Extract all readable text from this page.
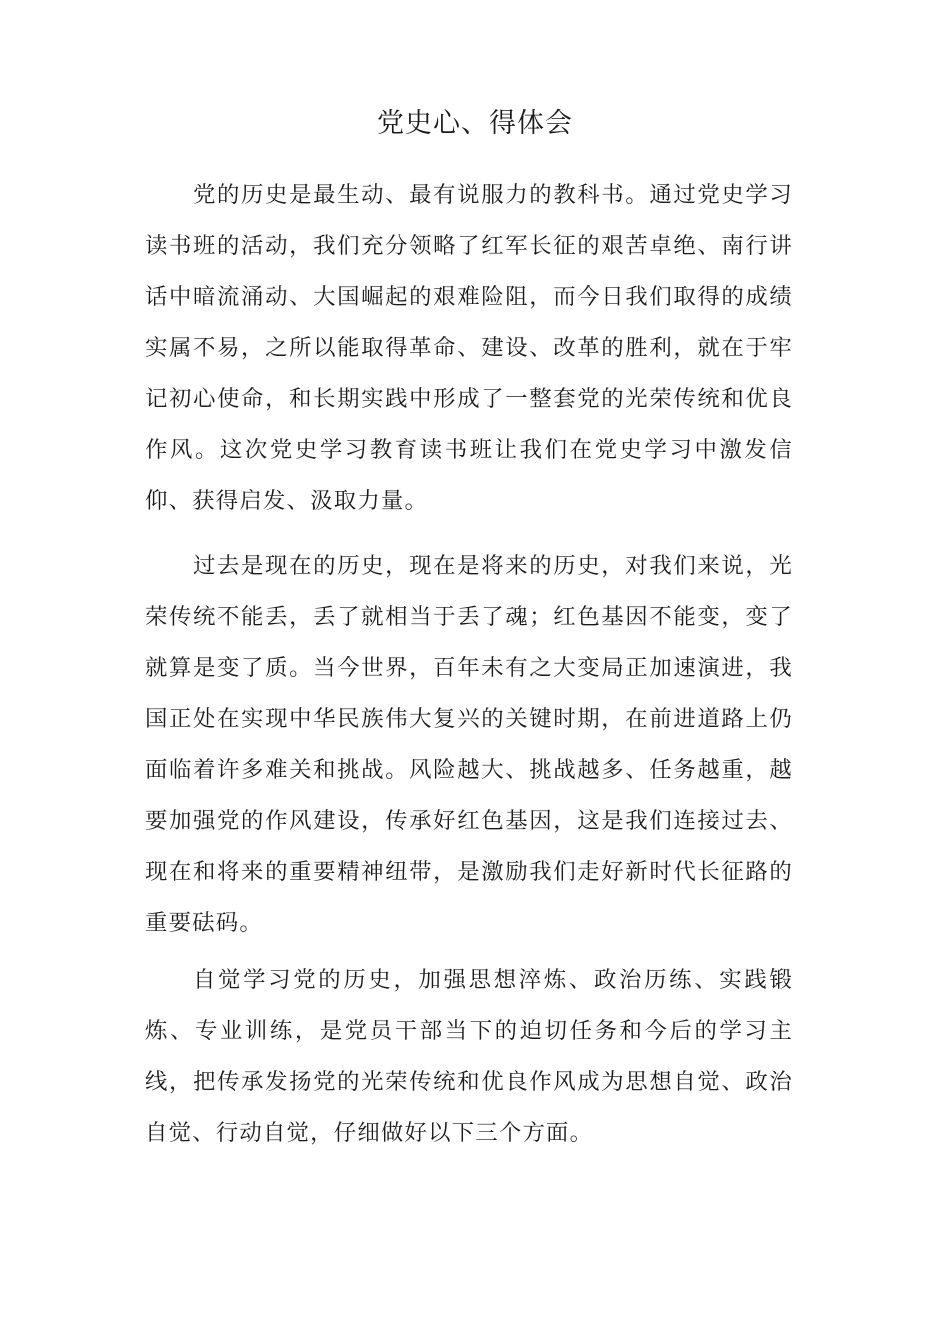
党史心、得体会

党的历史是最生动、最有说服力的教科书。通过党史学习读书班的活动，我们充分领略了红军长征的艰苦卓绝、南行讲话中暗流涌动、大国崛起的艰难险阻，而今日我们取得的成绩实属不易，之所以能取得革命、建设、改革的胜利，就在于牢记初心使命，和长期实践中形成了一整套党的光荣传统和优良作风。这次党史学习教育读书班让我们在党史学习中激发信仰、获得启发、汲取力量。

过去是现在的历史，现在是将来的历史，对我们来说，光荣传统不能丢，丢了就相当于丢了魂；红色基因不能变，变了就算是变了质。当今世界，百年未有之大变局正加速演进，我国正处在实现中华民族伟大复兴的关键时期，在前进道路上仍面临着许多难关和挑战。风险越大、挑战越多、任务越重，越要加强党的作风建设，传承好红色基因，这是我们连接过去、现在和将来的重要精神纽带，是激励我们走好新时代长征路的重要砝码。

自觉学习党的历史，加强思想淬炼、政治历练、实践锻炼、专业训练，是党员干部当下的迫切任务和今后的学习主线，把传承发扬党的光荣传统和优良作风成为思想自觉、政治自觉、行动自觉，仔细做好以下三个方面。
